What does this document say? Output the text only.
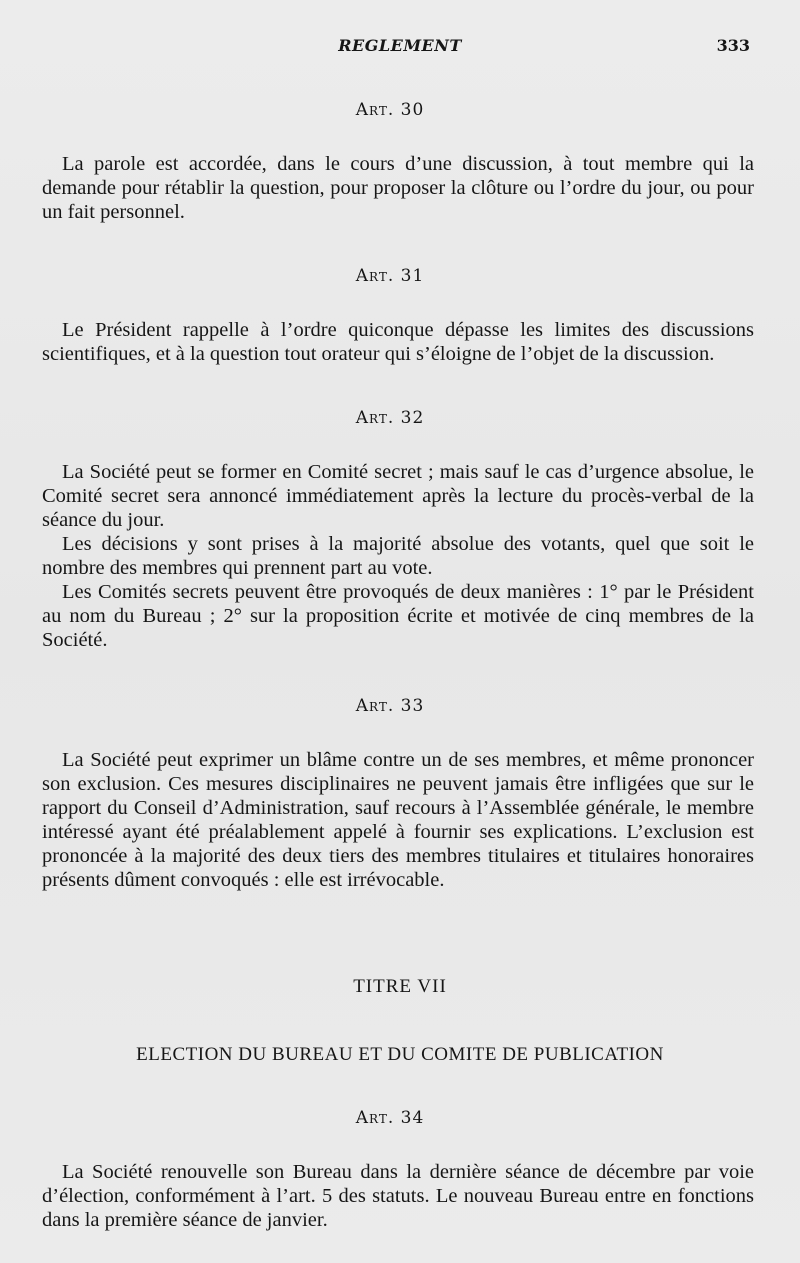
REGLEMENT	333
Art. 30

La parole est accordée, dans le cours d’une discussion, à tout membre qui la demande pour rétablir la question, pour proposer la clôture ou l’ordre du jour, ou pour un fait personnel.

Art. 31

Le Président rappelle à l’ordre quiconque dépasse les limites des discussions scientifiques, et à la question tout orateur qui s’éloigne de l’objet de la discussion.

Art. 32

La Société peut se former en Comité secret ; mais sauf le cas d’urgence absolue, le Comité secret sera annoncé immédiatement après la lecture du procès-verbal de la séance du jour.

Les décisions y sont prises à la majorité absolue des votants, quel que soit le nombre des membres qui prennent part au vote.

Les Comités secrets peuvent être provoqués de deux manières : 1° par le Président au nom du Bureau ; 2° sur la proposition écrite et motivée de cinq membres de la Société.

Art. 33

La Société peut exprimer un blâme contre un de ses membres, et même prononcer son exclusion. Ces mesures disciplinaires ne peuvent jamais être infligées que sur le rapport du Conseil d’Administration, sauf recours à l’Assemblée générale, le membre intéressé ayant été préalablement appelé à fournir ses explications. L’exclusion est prononcée à la majorité des deux tiers des membres titulaires et titulaires honoraires présents dûment convoqués : elle est irrévocable.

TITRE VII
ELECTION DU BUREAU ET DU COMITE DE PUBLICATION
Art. 34

La Société renouvelle son Bureau dans la dernière séance de décembre par voie d’élection, conformément à l’art. 5 des statuts. Le nouveau Bureau entre en fonctions dans la première séance de janvier.
